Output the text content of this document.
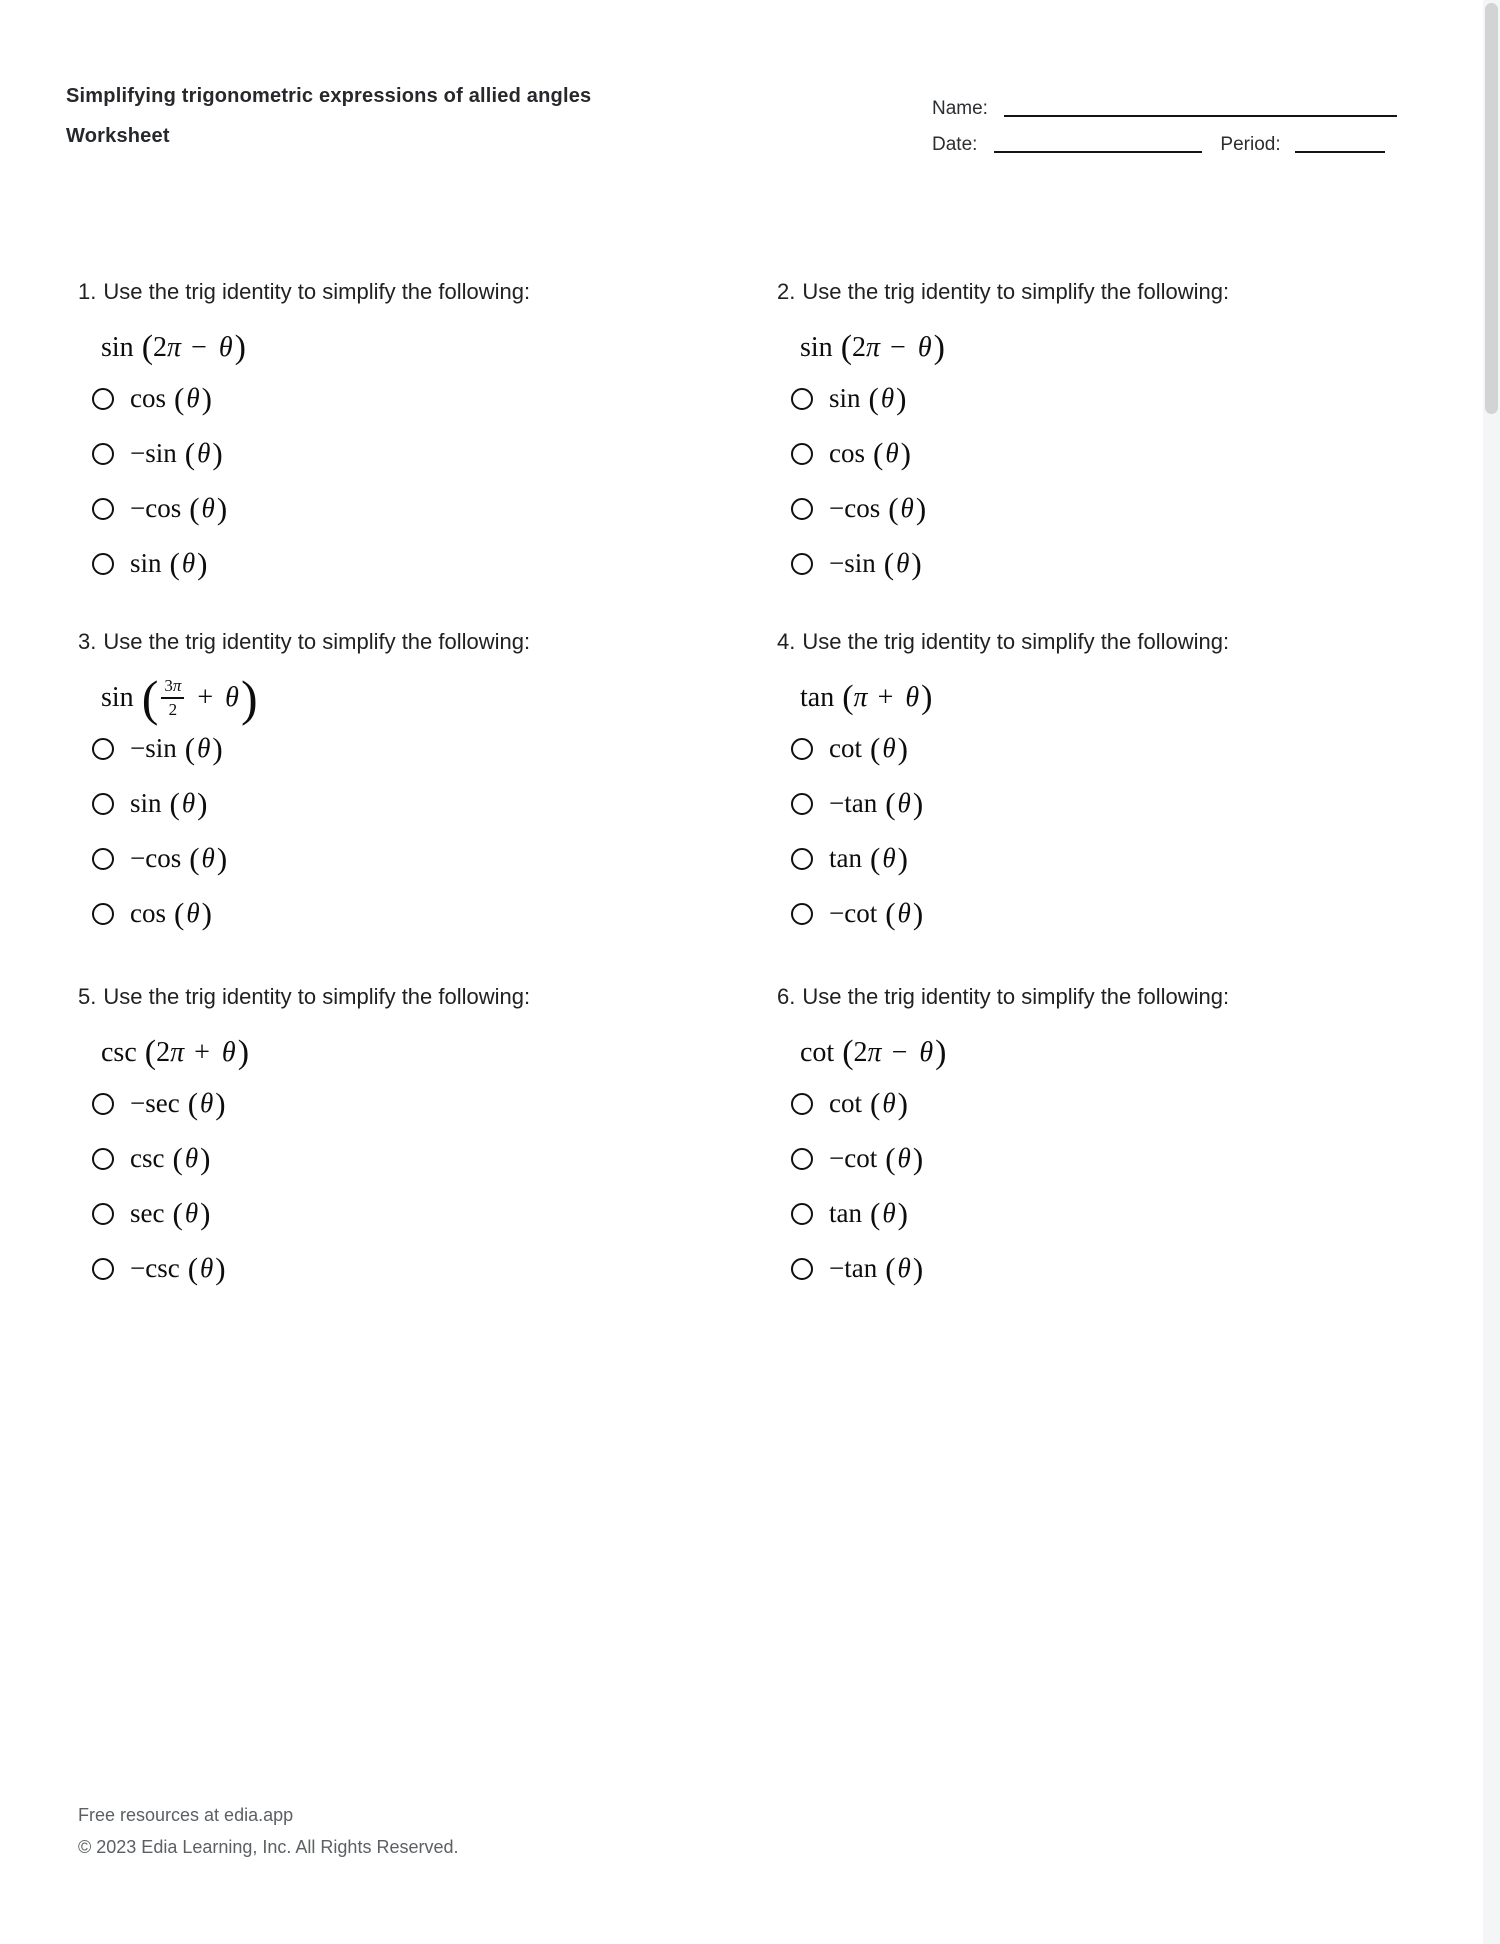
Simplifying trigonometric expressions of allied angles
Worksheet
Name:
Date:	Period:

1. Use the trig identity to simplify the following:

sin ( 2 π − θ )
cos ( θ )
−sin ( θ )
−cos ( θ )
sin ( θ )

2. Use the trig identity to simplify the following:

sin ( 2 π − θ )
sin ( θ )
cos ( θ )
−cos ( θ )
−sin ( θ )

3. Use the trig identity to simplify the following:

sin ( $\frac{3 \pi}{2} + \theta$ )
−sin ( θ )
sin ( θ )
−cos ( θ )
cos ( θ )

4. Use the trig identity to simplify the following:

tan ( π + θ )
cot ( θ )
−tan ( θ )
tan ( θ )
−cot ( θ )

5. Use the trig identity to simplify the following:

csc ( 2 π + θ )
−sec ( θ )
csc ( θ )
sec ( θ )
−csc ( θ )

6. Use the trig identity to simplify the following:

cot ( 2 π − θ )
cot ( θ )
−cot ( θ )
tan ( θ )
−tan ( θ )
Free resources at edia.app
© 2023 Edia Learning, Inc. All Rights Reserved.
